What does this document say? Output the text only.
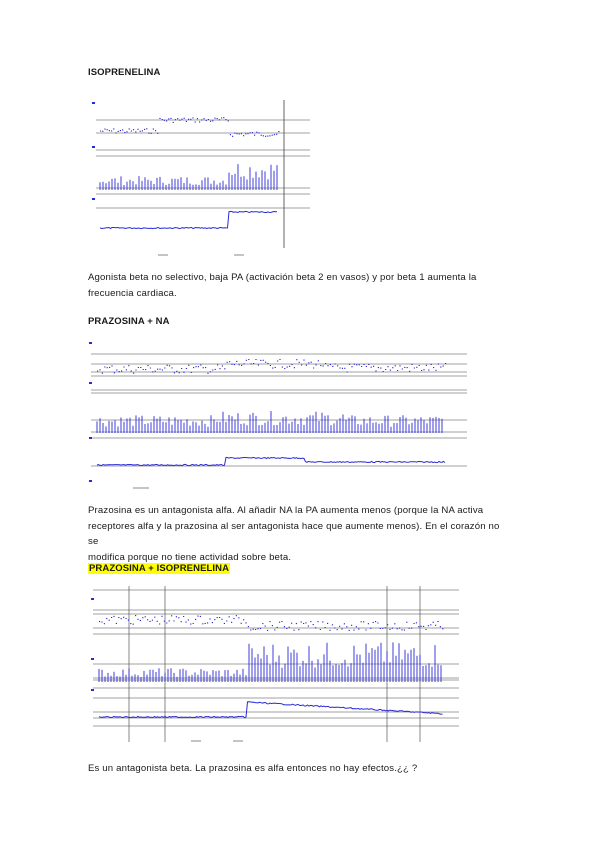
ISOPRENELINA
Agonista beta no selectivo, baja PA (activación beta 2 en vasos) y por beta 1 aumenta la
frecuencia cardiaca.
PRAZOSINA + NA
Prazosina es un antagonista alfa. Al añadir NA la PA aumenta menos (porque la NA activa
receptores alfa y la prazosina al ser antagonista hace que aumente menos). En el corazón no se
modifica porque no tiene actividad sobre beta.
PRAZOSINA + ISOPRENELINA
Es un antagonista beta. La prazosina es alfa entonces no hay efectos.¿¿ ?
